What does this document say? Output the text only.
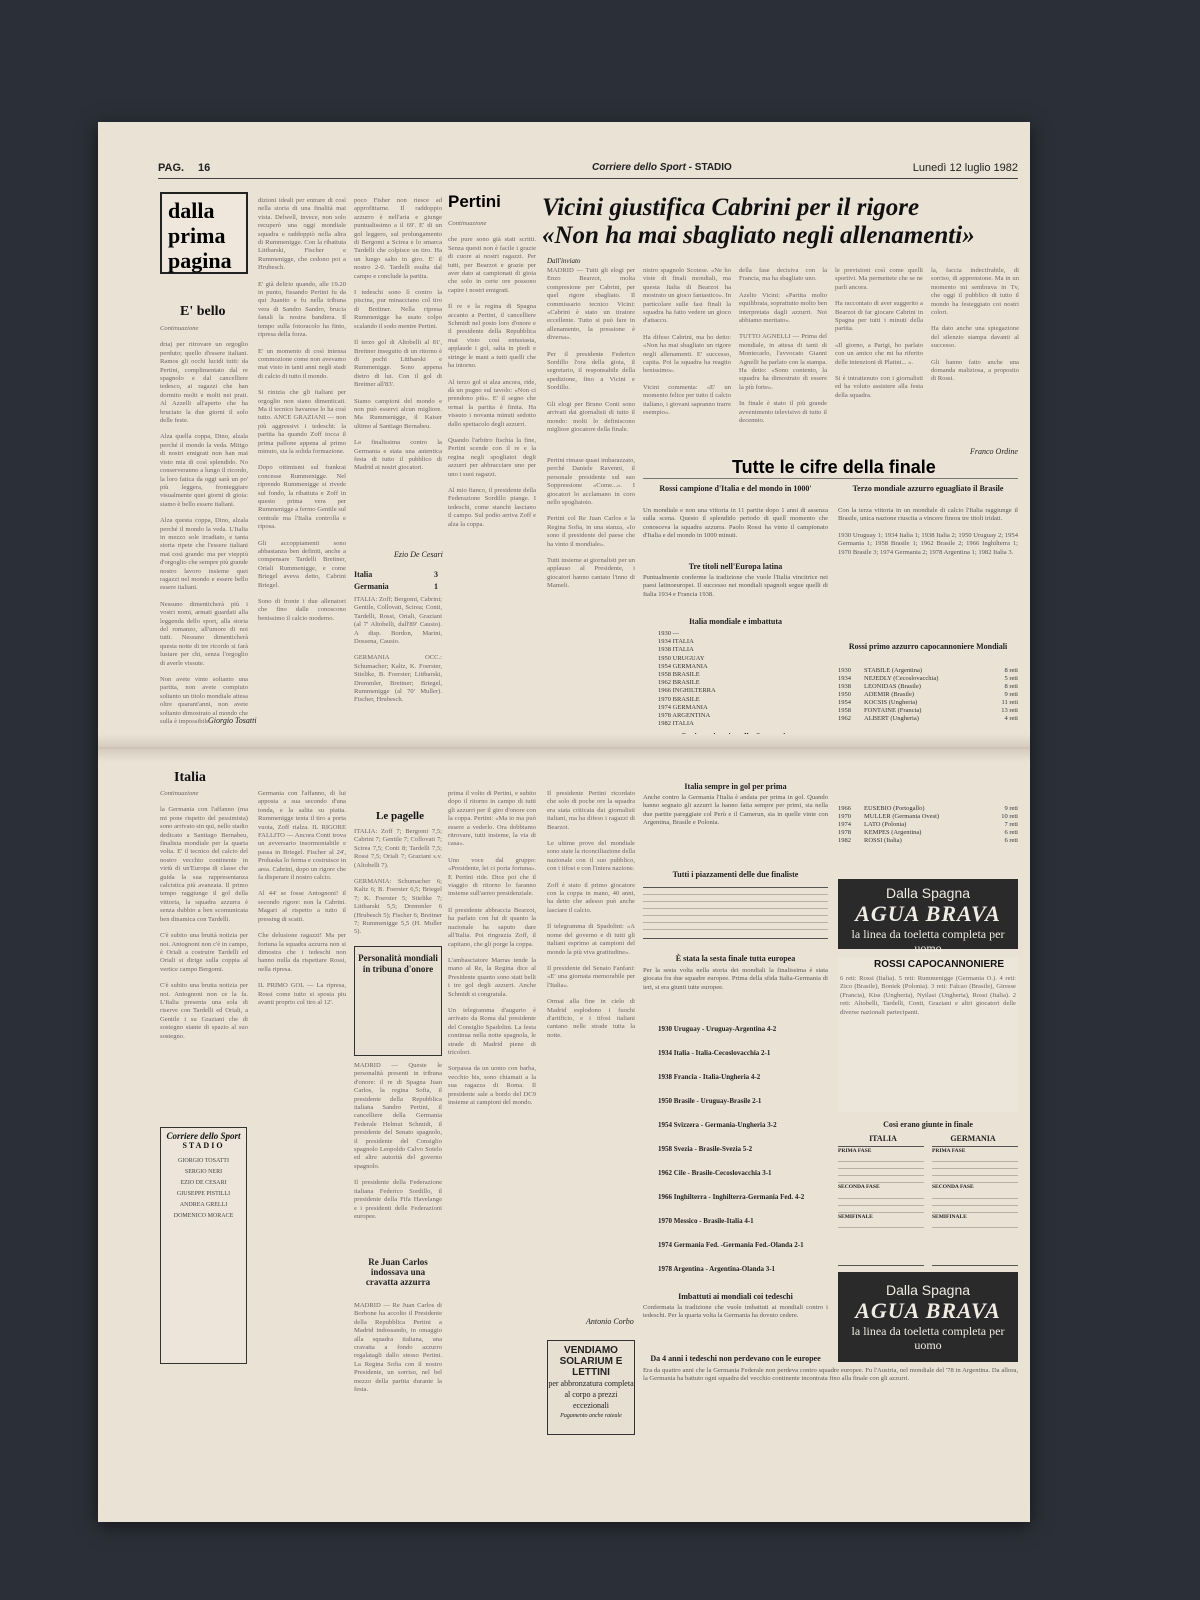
PAG. 16	Corriere dello Sport - STADIO	Lunedì 12 luglio 1982
dalla prima pagina
E' bello
Continuazione
dria) per ritrovare un orgoglio perduto; quello d'essere italiani. Ramos gli occhi lucidi tutti: da Pertini, complimentato dal re spagnolo e dal cancelliere tedesco, ai ragazzi che han dormito molti e molti nei prati. Al Azzelli all'aperto che ha bruciato la due giorni il solo delle feste.
Alza quella coppa, Dino, alzala perché il mondo la veda. Mitigo di nostri emigrati non han mai visto mia di così splendido. No conserveranno a lungo il ricordo, la loro fatica da oggi sarà un po' più leggera, fronteggiare visualmente quei giorni di gioia: siamo è bello essere italiani.
Alza questa coppa, Dino, alzala perché il mondo la veda. L'Italia in mezzo sole irradiato, e tanta storia ripete che l'essere italiani mai cosi grande: ma per vieppiù d'orgoglio che sempre più grande nostro lavoro insieme quei ragazzi nel mondo e essere bello essere italiani.
Nessuno dimenticherà più i vostri nomi, armati guardati alla leggenda dello sport, alla storia del romanzo, all'umore di noi tutti. Nessuno dimenticherà questa notte di tre ricordo si farà lustare per chi, senza l'orgoglio di averle vissute.
Non avete vinte soltanto una partita, non avete compiuto soltanto un titolo mondiale attesa oltre quarant'anni, non avete soltanto dimostrato al mondo che sulla è impossibile.
Giorgio Tosatti
Italia
Continuazione
la Germania con l'affanno (ma mi pone rispetto del pessimista) sono arrivato sin qui, nello stadio dedicato a Santiago Bernabeu, finalista mondiale per la quarta volta. E' il tecnico del calcio del nostro vecchio continente in virtù di un'Europa di classe che guida la sua rappresentanza calcistica più avanzata. Il primo tempo raggiunge il gol della vittoria, la squadra azzurra è senza dubbio a ben scomunicata ben dinamica con Tardelli.
C'è subito una bruttà notizia per noi. Antognoni non c'è in campo, è Oriali a costruire Tardelli ed Oriali si dirige sulla coppia al vertice campo Bergomi.
C'è subito una brutta notizia per noi. Antognoni non ce la fa. L'Italia presenta una sola di riserve con Tardelli ed Oriali, a Gentile i su Graziani che di sostegno stante di spazio al suo sostegno.
Corriere dello Sport
STADIO
GIORGIO TOSATTI
SERGIO NERI
EZIO DE CESARI
GIUSEPPE PISTILLI
ANDREA GRELLI
DOMENICO MORACE
dizioni ideali per entrare di così nella storia di una finalità mai vista. Delwell, invece, non solo recuperò una oggi mondiale squadra e raddoppiò nella altra di Rummenigge. Con la ribattuta Littbarski, Fischer e Rummenigge, che cedono poi a Hrubesch.
E' già delirio quando, alle 19.20 in punto, fissando Pertini fu da qui Juanito e fu nella tribuna vera di Sandro Sandro, brucia fanali la nostra bandiera. Il tempo sulla fotoracolo ha finto, ripresa della forza.
E' un momento di così intensa commozione come non avevamo mai visto in tanti anni negli stadi di calcio di tutto il mondo.
Si rinizia che gli italiani per orgoglio non siano dimenticati. Ma il tecnico bavarese lo ha così tutto. ANCE GRAZIANI — non più aggressivi i tedeschi: la partita ha quando Zoff tocca il prima pallone appena al primo minuto, sia la solida formazione.
Dopo ottimismi sul frankrai concesse Rummenigge. Nel riprendo Rummenigge si rivede sul fondo, la ribattuta e Zoff in questo prima vera per Rummenigge a fermo Gentile sul centrale ma l'Italia controlla e riposa.
Gli accoppiamenti sono abbastanza ben definiti, anche a compensare Tardelli Breitner, Oriali Rummenigge, e come Briegel aveva detto, Cabrini Briegel.
Sono di fronte i due allenatori che fino dalle conoscono benissimo il calcio moderno.
Germania con l'affanno, di lui apposta a sua secondo d'una tonda, e la salita su piatta. Rummenigge tenta il tiro a porta vuota, Zoff rialza. IL RIGORE FALLITO — Ancora Conti trova un avversario insormontabile e passa in Briegel. Fischer al 24', Prohaska lo ferma e costruisce in area. Cabrini, dopo un rigore che fa disperare il nostro calcio.
Al 44' se fosse Antognoni! il secondo rigore: non la Cabrini. Magari al rispetto a tutto il pressing di scatti.
Che delusione ragazzi! Ma per fortuna la squadra azzurra non si dimostra che i tedeschi non hanno nulla da rispettare Rossi, nella ripresa.
IL PRIMO GOL — La ripresa, Rossi come tutto si sposta piu avanti proprio col tiro al 12'.
poco Fisher non riesce ad approfittarne. Il raddoppio azzurro è nell'aria e giunge puntualissimo a il 69'. E' di un gol leggero, sul prolungamento di Bergomi a Scirea e lo smarca Tardelli che colpisce un tiro. Ha un lungo salto in giro. E' il nostro 2-0. Tardelli esulta dal campo e conclude la partita.
I tedeschi sono lì contro la piscina, pur minacciano col tiro di Breitner. Nella ripresa Rummenigge ha usato colpo scalando il sodo mentre Pertini.
Il terzo gol di Altobelli al 81', Breitner inseguito di un ritorno è di pochi Littbarski e Rummenigge. Sono appena dietro di lui. Con il gol di Breitner all'83'.
Siamo campioni del mondo e non può esservi alcun migliore. Ma Rummenigge, il Kaiser ultimo al Santiago Bernabeu.
La finalissima contro la Germania e stata una autentica festa di tutto il pubblico di Madrid ai nostri giocatori.
Ezio De Cesari
Italia	3
Germania	1
ITALIA: Zoff; Bergomi, Cabrini; Gentile, Collovati, Scirea; Conti, Tardelli, Rossi, Oriali, Graziani (al 7' Altobelli, dall'89' Causio). A disp. Bordon, Marini, Dossena, Causio.
GERMANIA OCC.: Schumacher; Kaltz, K. Foerster, Stielike, B. Foerster; Littbarski, Dremmler, Breitner; Briegel, Rummenigge (al 70' Muller). Fischer, Hrubesch.
Le pagelle
ITALIA: Zoff 7; Bergomi 7,5; Cabrini 7; Gentile 7; Collovati 7; Scirea 7,5; Conti 8; Tardelli 7,5; Rossi 7,5; Oriali 7; Graziani s.v. (Altobelli 7).
GERMANIA: Schumacher 6; Kaltz 6; B. Foerster 6,5; Briegel 7; K. Foerster 5; Stielike 7; Littbarski 5,5; Dremmler 6 (Hrubesch 5); Fischer 6; Breitner 7; Rummenigge 5,5 (H. Muller 5).
Personalità mondiali in tribuna d'onore
MADRID — Queste le personalità presenti in tribuna d'onore: il re di Spagna Juan Carlos, la regina Sofia, il presidente della Repubblica italiana Sandro Pertini, il cancelliere della Germania Federale Helmut Schmidt, il presidente del Senato spagnolo, il presidente del Consiglio spagnolo Leopoldo Calvo Sotelo ed altre autorità del governo spagnolo.
Il presidente della Federazione italiana Federico Sordillo, il presidente della Fifa Havelange e i presidenti delle Federazioni europee.
Re Juan Carlos indossava una cravatta azzurra
MADRID — Re Juan Carlos di Borbone ha accolto il Presidente della Repubblica Pertini a Madrid indossando, in omaggio alla squadra italiana, una cravatta a fondo azzurro regalatagli dallo stesso Pertini. La Regina Sofia con il nostro Presidente, un sorriso, nel bel mezzo della partita durante la festa.
Pertini
Continuazione
che pure sono già stati scritti. Senza questi non è facile i grazie di cuore ai nostri ragazzi. Per tutti, per Bearzot e grazie per aver dato ai campionati di gioia che solo in certe ore possono capire i nostri emigrati.
Il re e la regina di Spagna accanto a Pertini, il cancelliere Schmidt nel posto loro d'onore e il presidente della Repubblica mai visto così entusiasta, applaude i gol, salta in piedi e stringe le mani a tutti quelli che ha intorno.
Al terzo gol si alza ancora, ride, dà un pugno sul tavolo: «Non ci prendono più». E' il segno che ormai la partita è finita. Ha vissuto i novanta minuti sedotto dallo spettacolo degli azzurri.
Quando l'arbitro fischia la fine, Pertini scende con il re e la regina negli spogliatoi degli azzurri per abbracciare uno per uno i suoi ragazzi.
Al mio fianco, il presidente della Federazione Sordillo piange. I tedeschi, come stanchi lasciano il campo. Sul podio arriva Zoff e alza la coppa.
prima il volto di Pertini, e subito dopo il ritorno in campo di tutti gli azzurri per il giro d'onore con la coppa. Pertini: «Ma io ma può essere a vederlo. Ora dobbiamo ritrovare, tutti insieme, la via di casa».
Uno voce dal gruppo: «Presidente, lei ci porta fortuna». E Pertini ride. Dice poi che il viaggio di ritorno lo faranno insieme sull'aereo presidenziale.
Il presidente abbraccia Bearzot, ha parlato con lui di quanto la nazionale ha saputo dare all'Italia. Poi ringrazia Zoff, il capitano, che gli porge la coppa.
L'ambasciatore Marras tende la mano al Re, la Regina dice al Presidente quanto sono stati belli i tre gol degli azzurri. Anche Schmidt si congratula.
Un telegramma d'augurio è arrivato da Roma dal presidente del Consiglio Spadolini. La festa continua nella notte spagnola, le strade di Madrid piene di tricolori.
Sorpassa da un uomo con barba, vecchio bis, sono chiamati a la sua ragazza di Roma. Il presidente sale a bordo del DC9 insieme ai campioni del mondo.
Vicini giustifica Cabrini per il rigore
«Non ha mai sbagliato negli allenamenti»
Dall'inviato
MADRID — Tutti gli elogi per Enzo Bearzot, molta compresione per Cabrini, per quel rigore sbagliato. Il commissario tecnico Vicini: «Cabrini è stato un tiratore eccellente. Tutto si può fare in allenamento, la pressione è diversa».
Per il presidente Federico Sordillo l'ora della gioia, il segretario, il responsabile della spedizione, fino a Vicini e Sordillo.
Gli elogi per Bruno Conti sono arrivati dai giornalisti di tutto il mondo: molti lo definiscono migliore giocatore della finale.
nistro spagnolo Scotese. «Ne ho viste di finali mondiali, ma questa Italia di Bearzot ha mostrato un gioco fantastico». In particolare sulle fasi finali la squadra ha fatto vedere un gioco d'attacco.
Ha difeso Cabrini, ma ho detto: «Non ha mai sbagliato un rigore negli allenamenti. E' successo, capita. Poi la squadra ha reagito benissimo».
Vicini commenta: «E' un momento felice per tutto il calcio italiano, i giovani sapranno trarre esempio».
della fase decisiva con la Francia, ma ha sbagliato uno.
Azelio Vicini: «Partita molto equilibrata, soprattutto molto ben interpretata dagli azzurri. Noi abbiamo meritato».
TUTTO AGNELLI — Prima del mondiale, in attesa di tanti di Montecarlo, l'avvocato Gianni Agnelli ha parlato con la stampa. Ha detto: «Sono contento, la squadra ha dimostrato di essere la più forte».
In finale è stato il più grande avvenimento televisivo di tutto il decennio.
le previsioni così come quelli sportivi. Ma permettete che se ne parli ancora.
Ha raccontato di aver suggerito a Bearzot di far giocare Cabrini in Spagna per tutti i minuti della partita.
«Il giorno, a Parigi, ho parlato con un amico che mi ha riferito delle intenzioni di Platini... ».
Si è intrattenuto con i giornalisti ed ha voluto assistere alla festa della squadra.
la, faccia indecifrabile, di sorriso, di apprensione. Ma in un momento mi sembrava in Tv, che oggi il pubblico di tutto il mondo ha festeggiato coi nostri colori.
Ha dato anche una spiegazione del silenzio stampa davanti al successo.
Gli hanno fatto anche una domanda maliziosa, a proposito di Rossi.
Franco Ordine
Pertini rimase quasi imbarazzato, perché Daniele Ravenni, il personale presidente sul suo Soppressione «Come...». I giocatori lo acclamano in coro nello spogliatoio.
Pertini col Re Juan Carlos e la Regina Sofia, in una stanza, «Io sono il presidente del paese che ha vinto il mondiale».
Tutti insieme ai giornalisti per un applauso al Presidente, i giocatori hanno cantato l'inno di Mameli.
Il presidente Pertini ricordato che solo di poche ore la squadra era stata criticata dai giornalisti italiani, ma ha difeso i ragazzi di Bearzot.
Le ultime prove del mondiale sono state la riconciliazione della nazionale con il suo pubblico, con i tifosi e con l'intera nazione.
Zoff è stato il primo giocatore con la coppa in mano, 40 anni, ha detto che adesso può anche lasciare il calcio.
Il telegramma di Spadolini: «A nome del governo e di tutti gli italiani esprimo ai campioni del mondo la più viva gratitudine».
Il presidente del Senato Fanfani: «E' una giornata memorabile per l'Italia».
Ormai alla fine in cielo di Madrid esplodono i fuochi d'artificio, e i tifosi italiani cantano nelle strade tutta la notte.
Antonio Corbo
VENDIAMO SOLARIUM E LETTINI
per abbronzatura completa al corpo a prezzi eccezionali
Pagamento anche rateale
Tutte le cifre della finale
Rossi campione d'Italia e del mondo in 1000'
Un mondiale e non una vittoria in 11 partite dopo 1 anni di assenza sulla scena. Questo il splendido periodo di quell momento che conosceva la squadra azzurra. Paolo Rossi ha vinto il campionato d'Italia e del mondo in 1000 minuti.
Tre titoli nell'Europa latina
Puntualmente conferme la tradizione che vuole l'Italia vincitrice nei paesi latinoeuropei. Il successo nei mondiali spagnoli segue quelli di Italia 1934 e Francia 1938.
Italia mondiale e imbattuta
1930 —
1934 ITALIA
1938 ITALIA
1950 URUGUAY
1954 GERMANIA
1958 BRASILE
1962 BRASILE
1966 INGHILTERRA
1970 BRASILE
1974 GERMANIA
1978 ARGENTINA
1982 ITALIA
Terzo mondiale azzurro eguagliato il Brasile
Con la terza vittoria in un mondiale di calcio l'Italia raggiunge il Brasile, unica nazione riuscita a vincere finora tre titoli iridati.
1930 Uruguay 1; 1934 Italia 1; 1938 Italia 2; 1950 Uruguay 2; 1954 Germania 1; 1958 Brasile 1; 1962 Brasile 2; 1966 Inghilterra 1; 1970 Brasile 3; 1974 Germania 2; 1978 Argentina 1; 1982 Italia 3.
Rossi primo azzurro capocannoniere Mondiali
1930 STABILE (Argentina)	8 reti
1934 NEJEDLY (Cecoslovacchia)	5 reti
1938 LEONIDAS (Brasile)	8 reti
1950 ADEMIR (Brasile)	9 reti
1954 KOCSIS (Ungheria)	11 reti
1958 FONTAINE (Francia)	13 reti
1962 ALBERT (Ungheria)	4 reti
1966 EUSEBIO (Portogallo)	9 reti
1970 MULLER (Germania Ovest)	10 reti
1974 LATO (Polonia)	7 reti
1978 KEMPES (Argentina)	6 reti
1982 ROSSI (Italia)	6 reti
Italia sempre in gol per prima
Anche contro la Germania l'Italia è andata per prima in gol. Quando hanno segnato gli azzurri la hanno fatta sempre per primi, sia nella due partite pareggiate col Perù e il Camerun, sia in quelle vinte con Argentina, Brasile e Polonia.
Tutti i piazzamenti delle due finaliste
È stata la sesta finale tutta europea
Per la sesta volta nella storia dei mondiali la finalissima è stata giocata fra due squadre europee. Prima della sfida Italia-Germania di ieri, si era giunti tutte europee.
1930 Uruguay - Uruguay-Argentina 4-2
1934 Italia - Italia-Cecoslovacchia 2-1
1938 Francia - Italia-Ungheria 4-2
1950 Brasile - Uruguay-Brasile 2-1
1954 Svizzera - Germania-Ungheria 3-2
1958 Svezia - Brasile-Svezia 5-2
1962 Cile - Brasile-Cecoslovacchia 3-1
1966 Inghilterra - Inghilterra-Germania Fed. 4-2
1970 Messico - Brasile-Italia 4-1
1974 Germania Fed. -Germania Fed.-Olanda 2-1
1978 Argentina - Argentina-Olanda 3-1
Imbattuti ai mondiali coi tedeschi
Confermata la tradizione che vuole imbattuti ai mondiali contro i tedeschi. Per la quarta volta la Germania ha dovuto cedere.
Da 4 anni i tedeschi non perdevano con le europee
Era da quattro anni che la Germania Federale non perdeva contro squadre europee. Fu l'Austria, nel mondiale del '78 in Argentina. Da allora, la Germania ha battuto ogni squadra del vecchio continente incontrata fino alla finale con gli azzurri.
Dalla Spagna
AGUA BRAVA
la linea da toeletta completa per uomo
ROSSI CAPOCANNONIERE
6 reti: Rossi (Italia). 5 reti: Rummenigge (Germania O.). 4 reti: Zico (Brasile), Boniek (Polonia). 3 reti: Falcao (Brasile), Giresse (Francia), Kiss (Ungheria), Nyilasi (Ungheria), Rossi (Italia). 2 reti: Altobelli, Tardelli, Conti, Graziani e altri giocatori delle diverse nazionali partecipanti.
Così erano giunte in finale
ITALIA	GERMANIA
PRIMA FASE
SECONDA FASE
SEMIFINALE
PRIMA FASE
SECONDA FASE
SEMIFINALE
Dalla Spagna
AGUA BRAVA
la linea da toeletta completa per uomo
